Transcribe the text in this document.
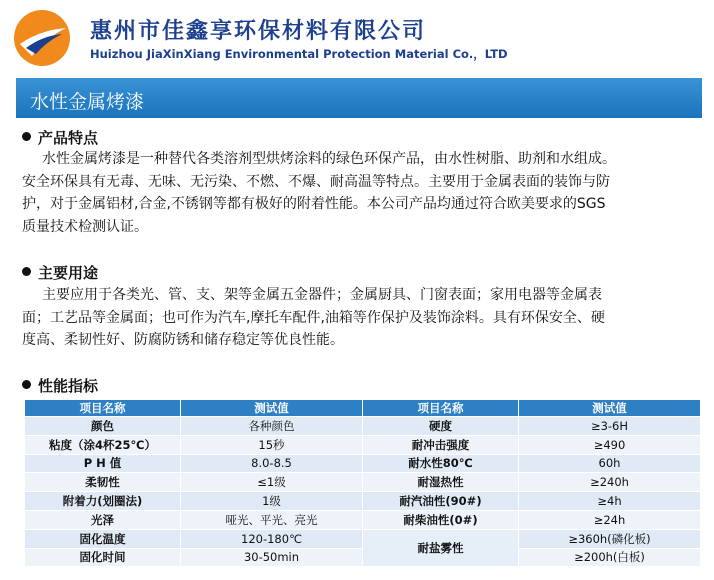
惠州市佳鑫享环保材料有限公司
Huizhou JiaXinXiang Environmental Protection Material Co.，LTD
水性金属烤漆
产品特点
水性金属烤漆是一种替代各类溶剂型烘烤涂料的绿色环保产品，由水性树脂、助剂和水组成。
安全环保具有无毒、无味、无污染、不燃、不爆、耐高温等特点。主要用于金属表面的装饰与防
护，对于金属铝材,合金,不锈钢等都有极好的附着性能。本公司产品均通过符合欧美要求的SGS
质量技术检测认证。
主要用途
主要应用于各类光、管、支、架等金属五金器件；金属厨具、门窗表面；家用电器等金属表
面；工艺品等金属面；也可作为汽车,摩托车配件,油箱等作保护及装饰涂料。具有环保安全、硬
度高、柔韧性好、防腐防锈和储存稳定等优良性能。
性能指标
项目名称	测试值	项目名称	测试值
颜色	各种颜色	硬度	≥3-6H
粘度（涂4杯25℃）	15秒	耐冲击强度	≥490
P H 值	8.0-8.5	耐水性80℃	60h
柔韧性	≤1级	耐湿热性	≥240h
附着力(划圈法)	1级	耐汽油性(90#)	≥4h
光泽	哑光、平光、亮光	耐柴油性(0#)	≥24h
固化温度	120-180℃	耐盐雾性	≥360h(磷化板)
固化时间	30-50min		≥200h(白板)
